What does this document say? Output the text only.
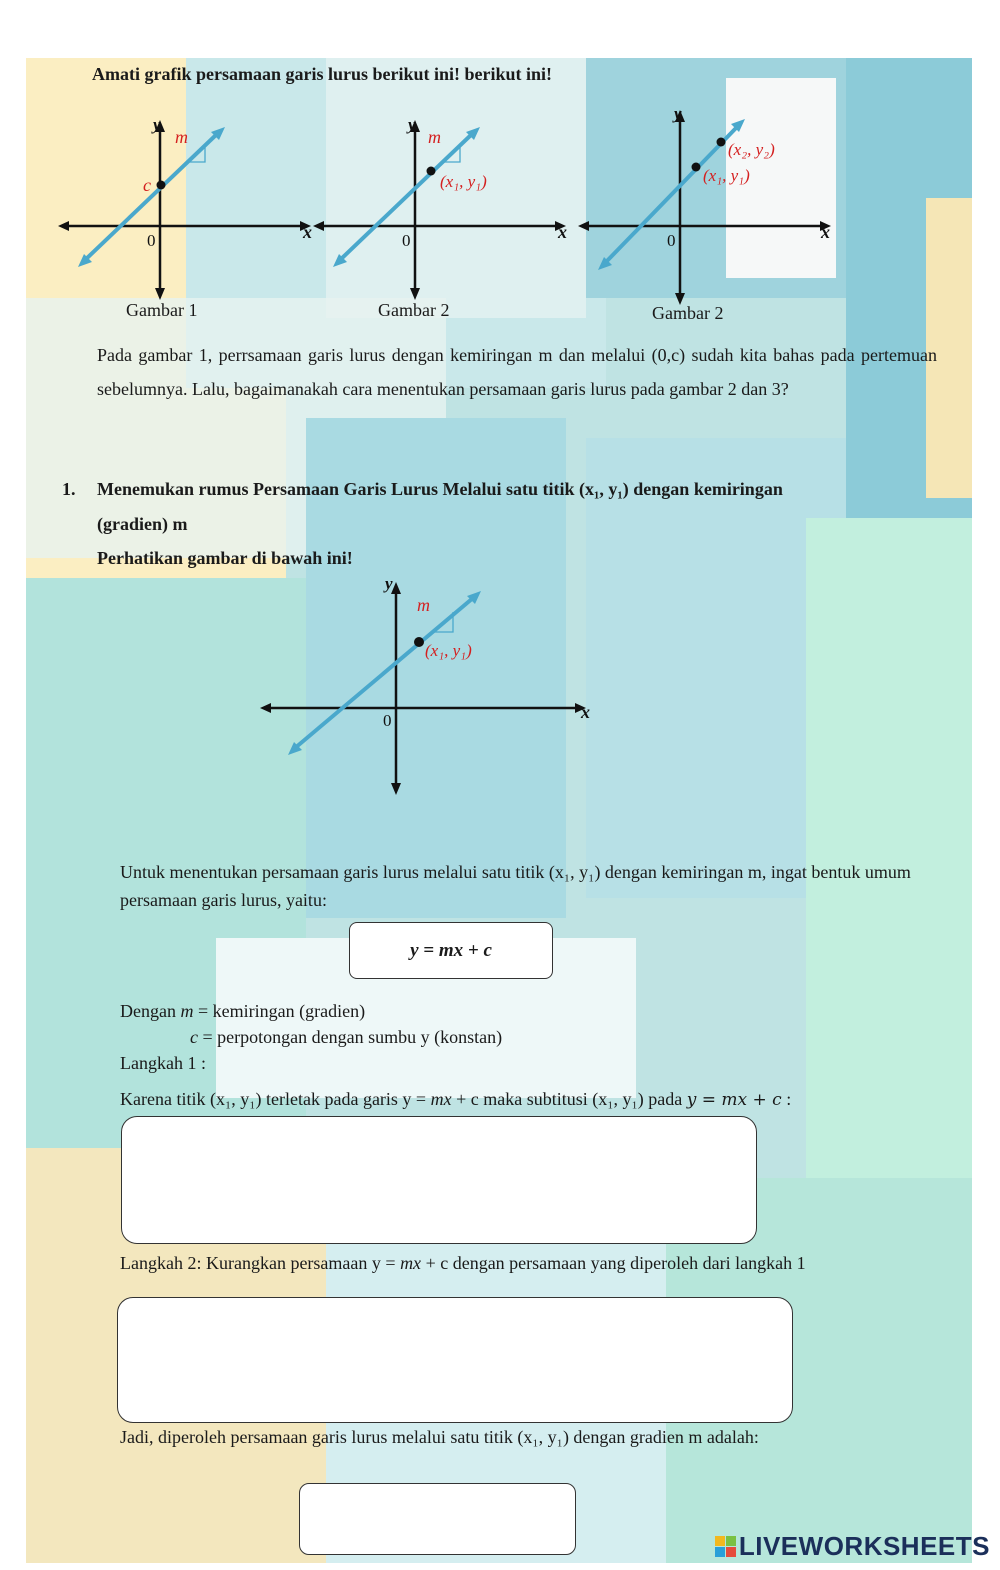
Amati grafik persamaan garis lurus berikut ini! berikut ini!
m
c
0	x
y
Gambar 1
m
(x₁, y₁)
0	x
y
Gambar 2
(x₂, y₂)
(x₁, y₁)
0	x
y
Gambar 2
Pada gambar 1, perrsamaan garis lurus dengan kemiringan m dan melalui (0,c) sudah kita bahas pada pertemuan sebelumnya. Lalu, bagaimanakah cara menentukan persamaan garis lurus pada gambar 2 dan 3?
1. Menemukan rumus Persamaan Garis Lurus Melalui satu titik (x₁, y₁) dengan kemiringan
(gradien) m
Perhatikan gambar di bawah ini!
m
(x₁, y₁)
0	x
y
Untuk menentukan persamaan garis lurus melalui satu titik (x₁, y₁) dengan kemiringan m, ingat bentuk umum persamaan garis lurus, yaitu:
y = mx + c
Dengan m = kemiringan (gradien)
c = perpotongan dengan sumbu y (konstan)
Langkah 1 :
Karena titik (x₁, y₁) terletak pada garis y = mx + c maka subtitusi (x₁, y₁) pada y = mx + c :
Langkah 2: Kurangkan persamaan y = mx + c dengan persamaan yang diperoleh dari langkah 1
Jadi, diperoleh persamaan garis lurus melalui satu titik (x₁, y₁) dengan gradien m adalah:
LIVEWORKSHEETS
